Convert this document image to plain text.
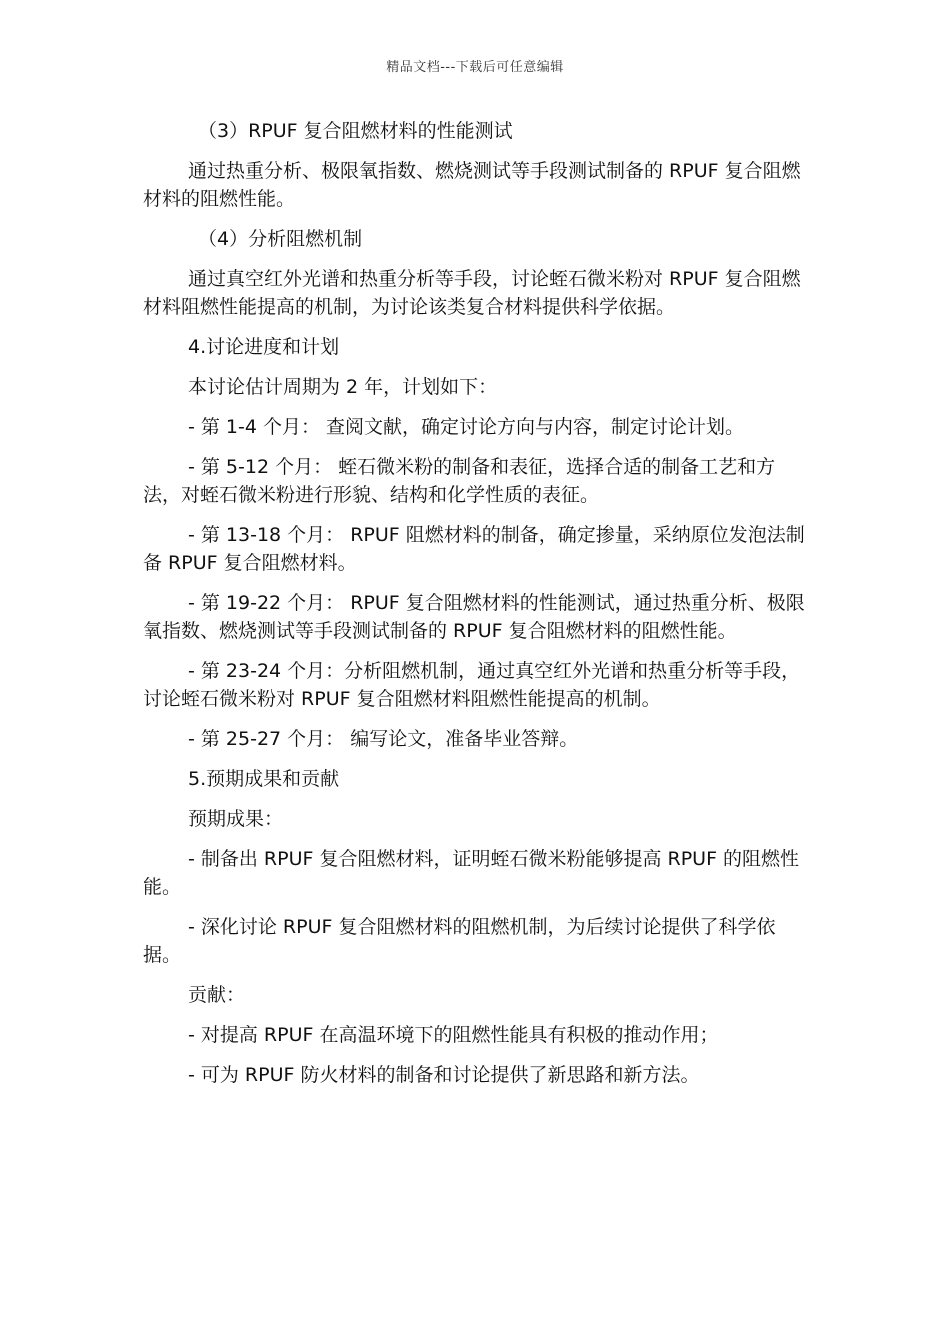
精品文档---下载后可任意编辑

（3）RPUF 复合阻燃材料的性能测试

通过热重分析、极限氧指数、燃烧测试等手段测试制备的 RPUF 复合阻燃材料的阻燃性能。

（4）分析阻燃机制

通过真空红外光谱和热重分析等手段，讨论蛭石微米粉对 RPUF 复合阻燃材料阻燃性能提高的机制，为讨论该类复合材料提供科学依据。

4.讨论进度和计划

本讨论估计周期为 2 年，计划如下：

- 第 1-4 个月： 查阅文献，确定讨论方向与内容，制定讨论计划。

- 第 5-12 个月： 蛭石微米粉的制备和表征，选择合适的制备工艺和方法，对蛭石微米粉进行形貌、结构和化学性质的表征。

- 第 13-18 个月： RPUF 阻燃材料的制备，确定掺量，采纳原位发泡法制备 RPUF 复合阻燃材料。

- 第 19-22 个月： RPUF 复合阻燃材料的性能测试，通过热重分析、极限氧指数、燃烧测试等手段测试制备的 RPUF 复合阻燃材料的阻燃性能。

- 第 23-24 个月：分析阻燃机制，通过真空红外光谱和热重分析等手段，讨论蛭石微米粉对 RPUF 复合阻燃材料阻燃性能提高的机制。

- 第 25-27 个月： 编写论文，准备毕业答辩。

5.预期成果和贡献

预期成果：

- 制备出 RPUF 复合阻燃材料，证明蛭石微米粉能够提高 RPUF 的阻燃性能。

- 深化讨论 RPUF 复合阻燃材料的阻燃机制，为后续讨论提供了科学依据。

贡献：

- 对提高 RPUF 在高温环境下的阻燃性能具有积极的推动作用；

- 可为 RPUF 防火材料的制备和讨论提供了新思路和新方法。
